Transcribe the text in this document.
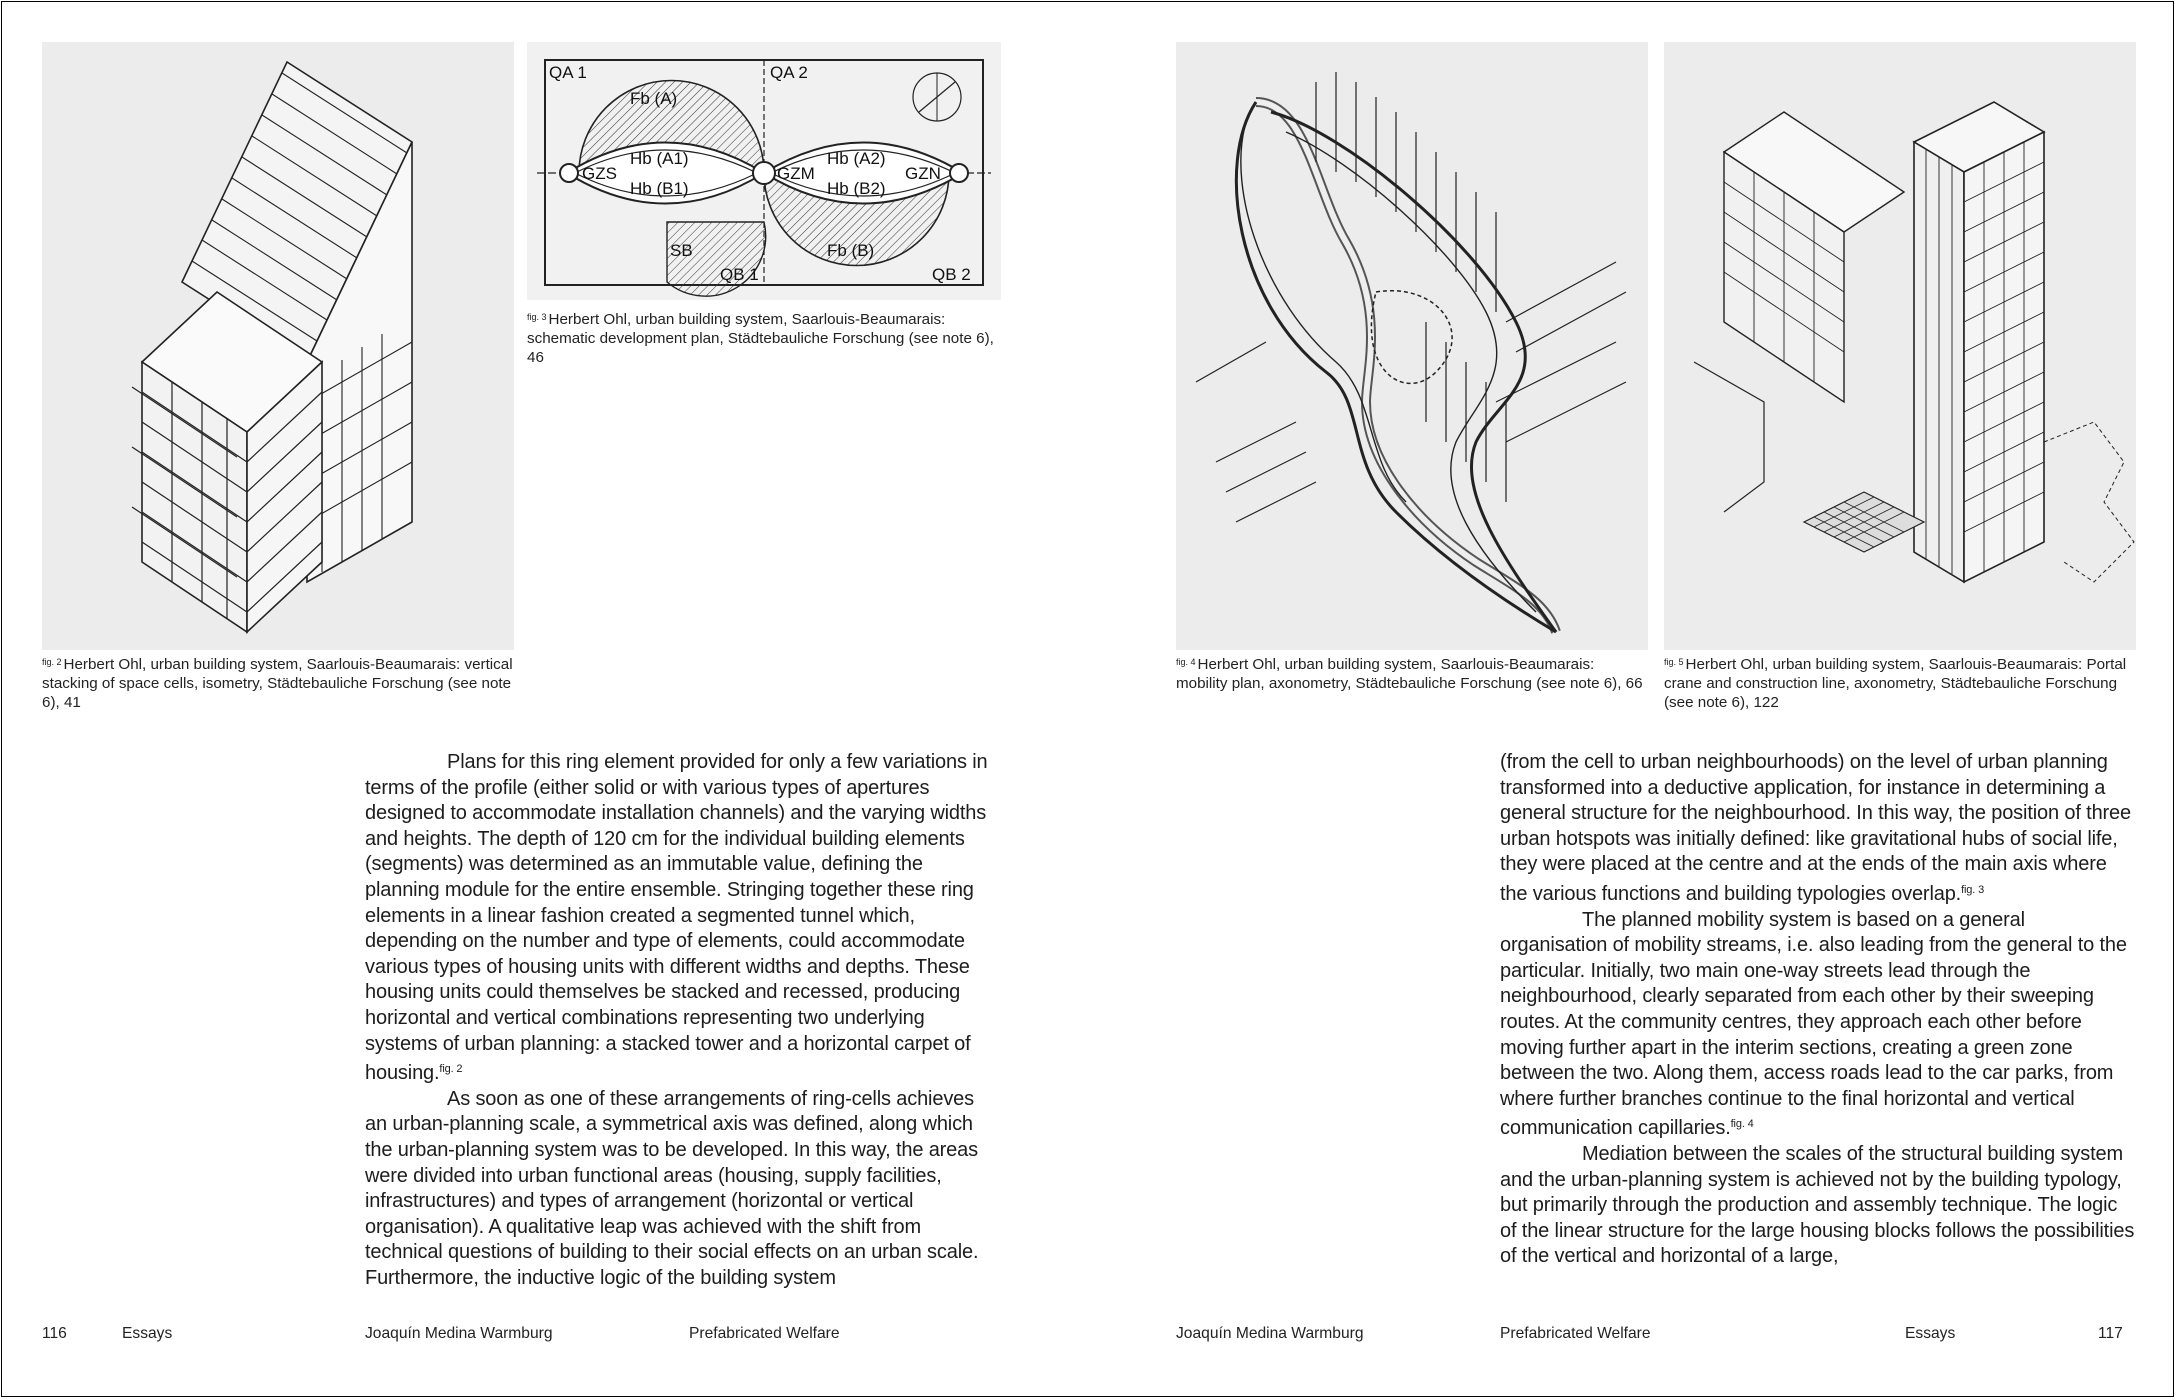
$^{fig. 2}$ Herbert Ohl, urban building system, Saarlouis-Beaumarais: vertical stacking of space cells, isometry, Städtebauliche Forschung (see note 6), 41
QA 1	QA 2
Fb (A)
Hb (A1)
Hb (B1)
Hb (A2)
Hb (B2)
GZS	GZM	GZN
SB	Fb (B)
QB 1	QB 2
$^{fig. 3}$ Herbert Ohl, urban building system, Saarlouis-Beaumarais: schematic development plan, Städtebauliche Forschung (see note 6), 46

Plans for this ring element provided for only a few variations in terms of the profile (either solid or with various types of apertures designed to accommodate installation channels) and the varying widths and heights. The depth of 120 cm for the individual building elements (segments) was determined as an immutable value, defining the planning module for the entire ensemble. Stringing together these ring elements in a linear fashion created a segmented tunnel which, depending on the number and type of elements, could accommodate various types of housing units with different widths and depths. These housing units could themselves be stacked and recessed, producing horizontal and vertical combinations representing two underlying systems of urban planning: a stacked tower and a horizontal carpet of housing.$^{fig. 2}$

As soon as one of these arrangements of ring-cells achieves an urban-planning scale, a symmetrical axis was defined, along which the urban-planning system was to be developed. In this way, the areas were divided into urban functional areas (housing, supply facilities, infrastructures) and types of arrangement (horizontal or vertical organisation). A qualitative leap was achieved with the shift from technical questions of building to their social effects on an urban scale. Furthermore, the inductive logic of the building system

116	Essays	Joaquín Medina Warmburg	Prefabricated Welfare
$^{fig. 4}$ Herbert Ohl, urban building system, Saarlouis-Beaumarais: mobility plan, axonometry, Städtebauliche Forschung (see note 6), 66
$^{fig. 5}$ Herbert Ohl, urban building system, Saarlouis-Beaumarais: Portal crane and construction line, axonometry, Städtebauliche Forschung (see note 6), 122

(from the cell to urban neighbourhoods) on the level of urban planning transformed into a deductive application, for instance in determining a general structure for the neighbourhood. In this way, the position of three urban hotspots was initially defined: like gravitational hubs of social life, they were placed at the centre and at the ends of the main axis where the various functions and building typologies overlap.$^{fig. 3}$

The planned mobility system is based on a general organisation of mobility streams, i.e. also leading from the general to the particular. Initially, two main one-way streets lead through the neighbourhood, clearly separated from each other by their sweeping routes. At the community centres, they approach each other before moving further apart in the interim sections, creating a green zone between the two. Along them, access roads lead to the car parks, from where further branches continue to the final horizontal and vertical communication capillaries.$^{fig. 4}$

Mediation between the scales of the structural building system and the urban-planning system is achieved not by the building typology, but primarily through the production and assembly technique. The logic of the linear structure for the large housing blocks follows the possibilities of the vertical and horizontal of a large,

Joaquín Medina Warmburg	Prefabricated Welfare	Essays	117
